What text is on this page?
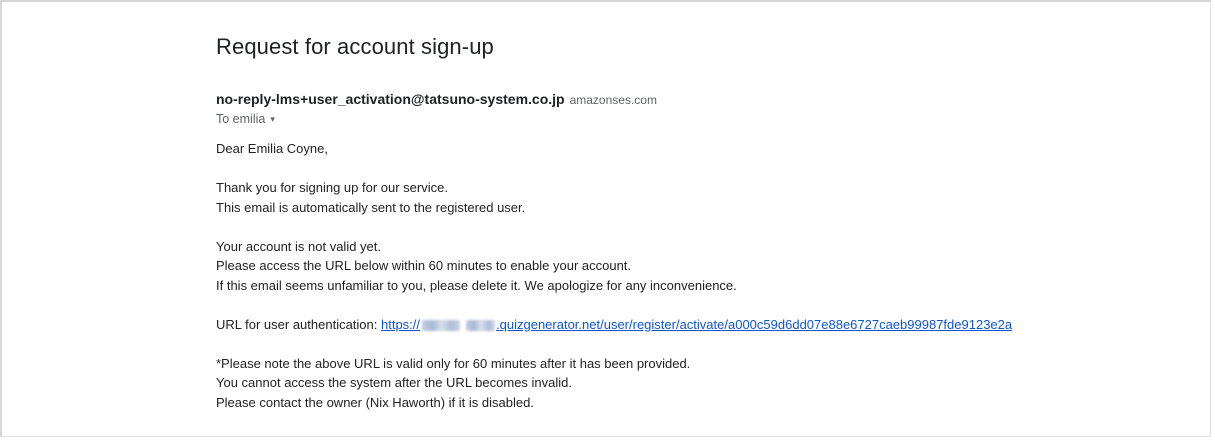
Request for account sign-up
no-reply-lms+user_activation@tatsuno-system.co.jp amazonses.com
To emilia ▾
Dear Emilia Coyne,
Thank you for signing up for our service.
This email is automatically sent to the registered user.
Your account is not valid yet.
Please access the URL below within 60 minutes to enable your account.
If this email seems unfamiliar to you, please delete it. We apologize for any inconvenience.
URL for user authentication: https://	.quizgenerator.net/user/register/activate/a000c59d6dd07e88e6727caeb99987fde9123e2a
*Please note the above URL is valid only for 60 minutes after it has been provided.
You cannot access the system after the URL becomes invalid.
Please contact the owner (Nix Haworth) if it is disabled.
